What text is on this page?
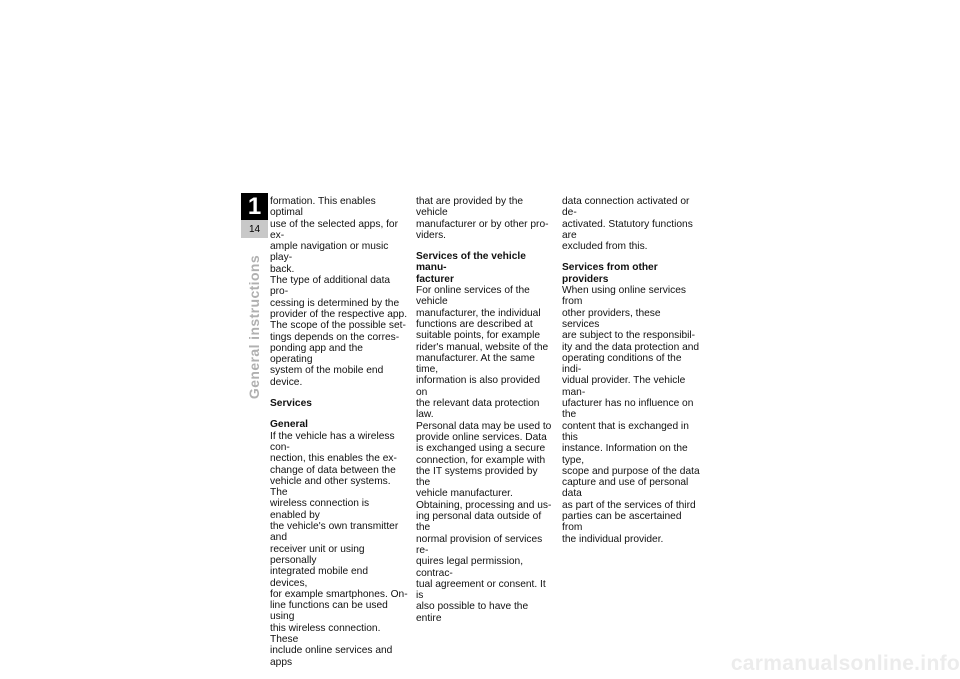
1
14
General instructions

formation. This enables optimal
use of the selected apps, for ex-
ample navigation or music play-
back.

The type of additional data pro-
cessing is determined by the
provider of the respective app.
The scope of the possible set-
tings depends on the corres-
ponding app and the operating
system of the mobile end device.

Services
General

If the vehicle has a wireless con-
nection, this enables the ex-
change of data between the
vehicle and other systems. The
wireless connection is enabled by
the vehicle's own transmitter and
receiver unit or using personally
integrated mobile end devices,
for example smartphones. On-
line functions can be used using
this wireless connection. These
include online services and apps

that are provided by the vehicle
manufacturer or by other pro-
viders.

Services of the vehicle manu-
facturer

For online services of the vehicle
manufacturer, the individual
functions are described at
suitable points, for example
rider's manual, website of the
manufacturer. At the same time,
information is also provided on
the relevant data protection law.
Personal data may be used to
provide online services. Data
is exchanged using a secure
connection, for example with
the IT systems provided by the
vehicle manufacturer.

Obtaining, processing and us-
ing personal data outside of the
normal provision of services re-
quires legal permission, contrac-
tual agreement or consent. It is
also possible to have the entire

data connection activated or de-
activated. Statutory functions are
excluded from this.

Services from other providers

When using online services from
other providers, these services
are subject to the responsibil-
ity and the data protection and
operating conditions of the indi-
vidual provider. The vehicle man-
ufacturer has no influence on the
content that is exchanged in this
instance. Information on the type,
scope and purpose of the data
capture and use of personal data
as part of the services of third
parties can be ascertained from
the individual provider.

carmanualsonline.info
